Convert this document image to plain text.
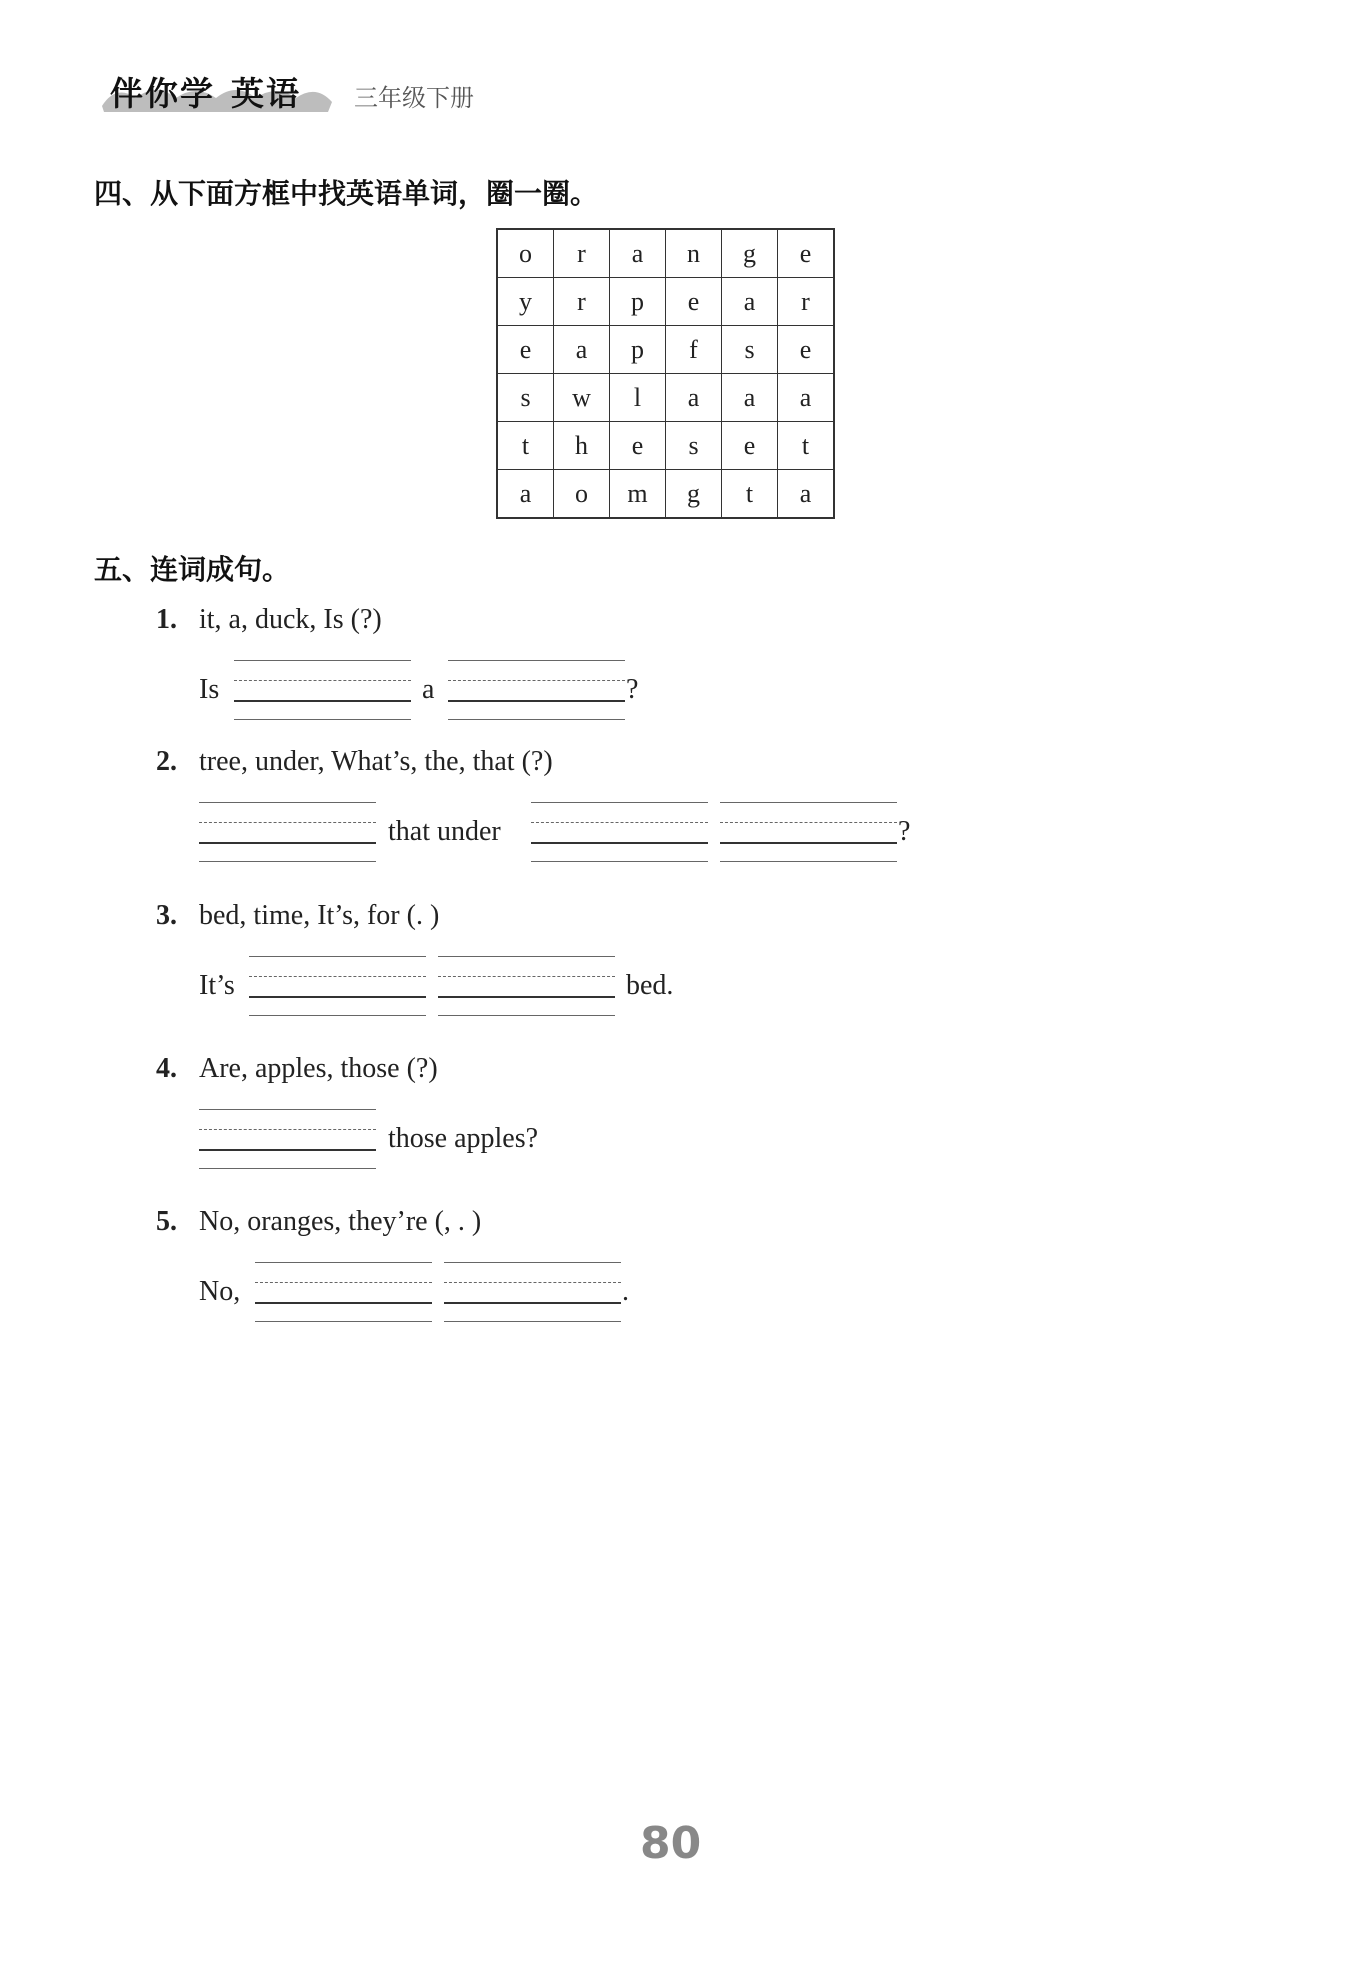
伴你学 英语 三年级下册
四、从下面方框中找英语单词，圈一圈。
o	r	a	n	g	e
y	r	p	e	a	r
e	a	p	f	s	e
s	w	l	a	a	a
t	h	e	s	e	t
a	o	m	g	t	a
五、连词成句。
1. it, a, duck, Is (?)
Is	a	?
2. tree, under, What’s, the, that (?)
that under	?
3. bed, time, It’s, for (. )
It’s	bed.
4. Are, apples, those (?)
those apples?
5. No, oranges, they’re (, . )
No,	.
80
